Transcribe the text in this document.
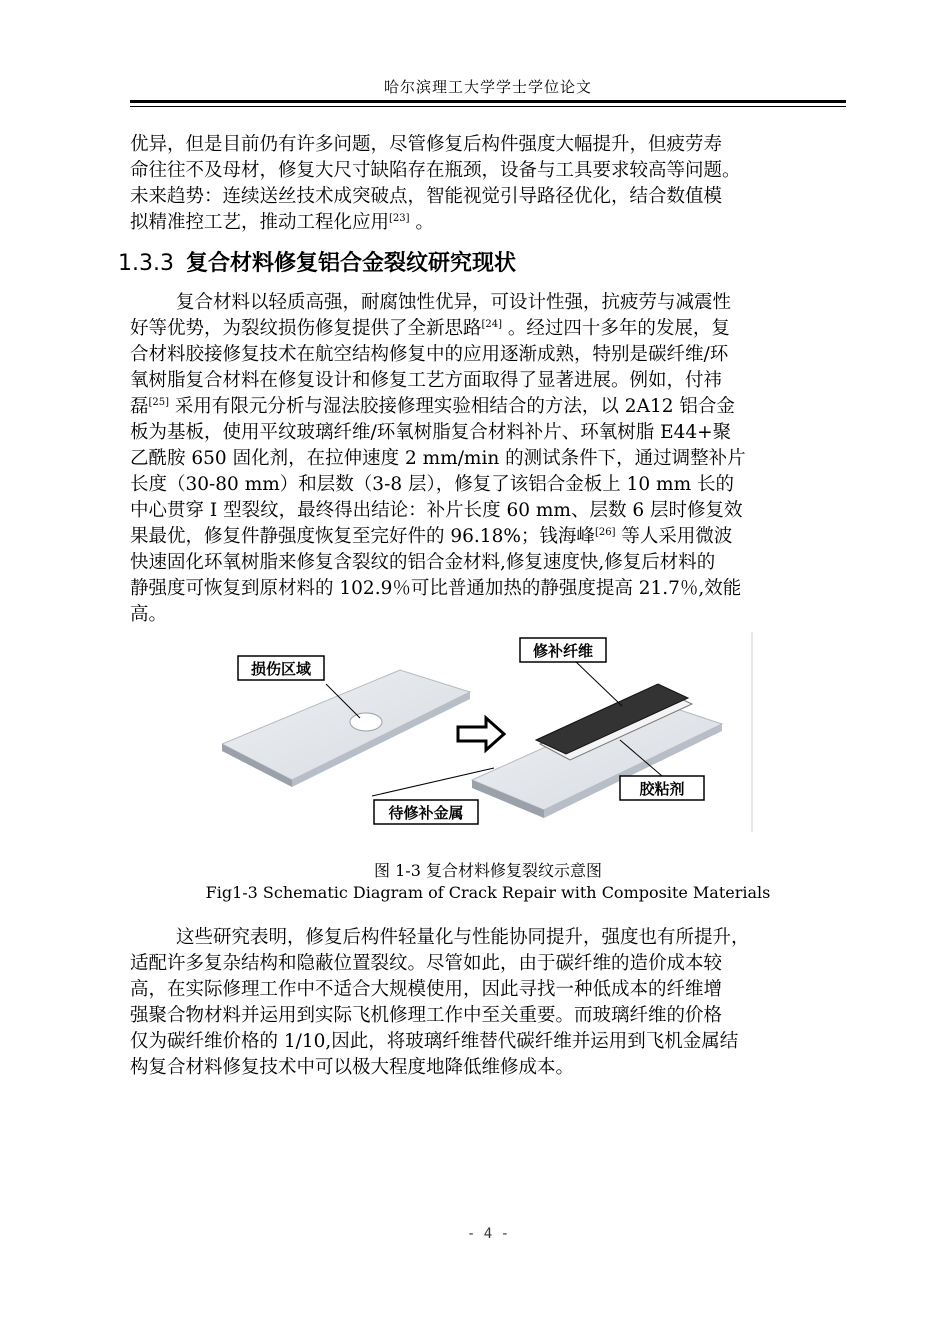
哈尔滨理工大学学士学位论文
优异，但是目前仍有许多问题，尽管修复后构件强度大幅提升，但疲劳寿
命往往不及母材，修复大尺寸缺陷存在瓶颈，设备与工具要求较高等问题。
未来趋势：连续送丝技术成突破点，智能视觉引导路径优化，结合数值模
拟精准控工艺，推动工程化应用[23] 。
1.3.3 复合材料修复铝合金裂纹研究现状
复合材料以轻质高强，耐腐蚀性优异，可设计性强，抗疲劳与减震性
好等优势，为裂纹损伤修复提供了全新思路[24] 。经过四十多年的发展，复
合材料胶接修复技术在航空结构修复中的应用逐渐成熟，特别是碳纤维/环
氧树脂复合材料在修复设计和修复工艺方面取得了显著进展。例如，付祎
磊[25] 采用有限元分析与湿法胶接修理实验相结合的方法，以 2A12 铝合金
板为基板，使用平纹玻璃纤维/环氧树脂复合材料补片、环氧树脂 E44+聚
乙酰胺 650 固化剂，在拉伸速度 2 mm/min 的测试条件下，通过调整补片
长度（30-80 mm）和层数（3-8 层），修复了该铝合金板上 10 mm 长的
中心贯穿 I 型裂纹，最终得出结论：补片长度 60 mm、层数 6 层时修复效
果最优，修复件静强度恢复至完好件的 96.18%；钱海峰[26] 等人采用微波
快速固化环氧树脂来修复含裂纹的铝合金材料,修复速度快,修复后材料的
静强度可恢复到原材料的 102.9％可比普通加热的静强度提高 21.7％,效能
高。
损伤区域
修补纤维
胶粘剂
待修补金属
图 1-3 复合材料修复裂纹示意图
Fig1-3 Schematic Diagram of Crack Repair with Composite Materials
这些研究表明，修复后构件轻量化与性能协同提升，强度也有所提升，
适配许多复杂结构和隐蔽位置裂纹。尽管如此，由于碳纤维的造价成本较
高，在实际修理工作中不适合大规模使用，因此寻找一种低成本的纤维增
强聚合物材料并运用到实际飞机修理工作中至关重要。而玻璃纤维的价格
仅为碳纤维价格的 1/10,因此，将玻璃纤维替代碳纤维并运用到飞机金属结
构复合材料修复技术中可以极大程度地降低维修成本。
- 4 -
